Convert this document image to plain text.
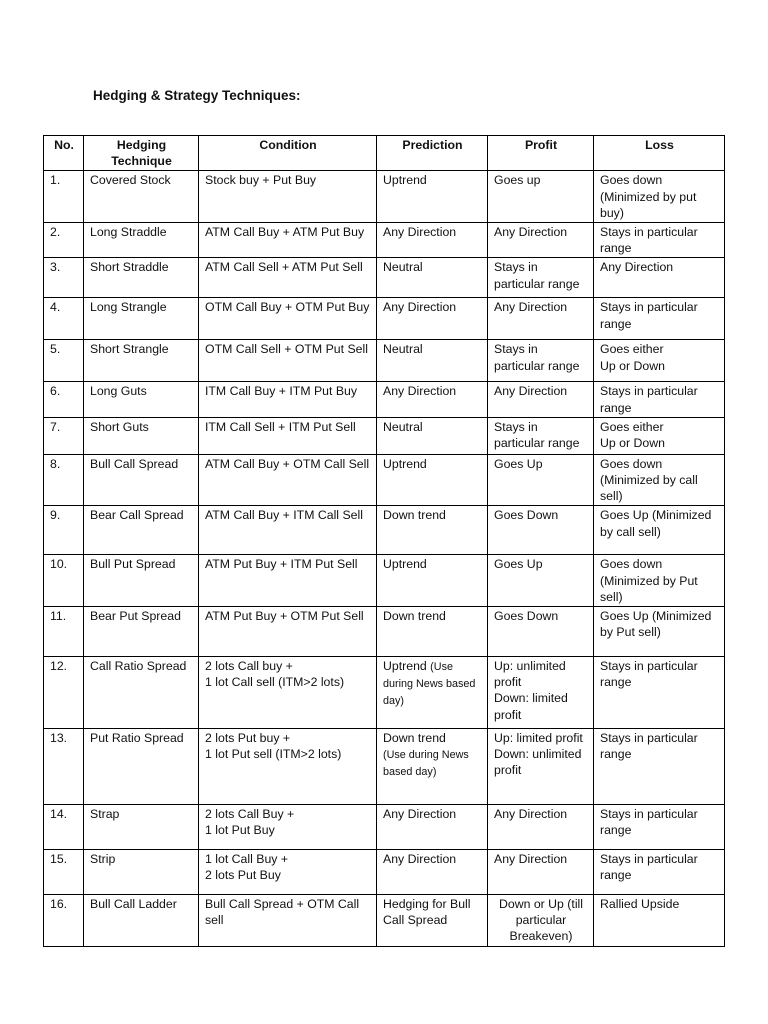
Hedging & Strategy Techniques:
No.	Hedging Technique	Condition	Prediction	Profit	Loss
1.	Covered Stock	Stock buy + Put Buy	Uptrend	Goes up	Goes down (Minimized by put buy)
2.	Long Straddle	ATM Call Buy + ATM Put Buy	Any Direction	Any Direction	Stays in particular range
3.	Short Straddle	ATM Call Sell + ATM Put Sell	Neutral	Stays in particular range	Any Direction
4.	Long Strangle	OTM Call Buy + OTM Put Buy	Any Direction	Any Direction	Stays in particular range
5.	Short Strangle	OTM Call Sell + OTM Put Sell	Neutral	Stays in particular range	Goes either
Up or Down

6.	Long Guts	ITM Call Buy + ITM Put Buy	Any Direction	Any Direction	Stays in particular range
7.	Short Guts	ITM Call Sell + ITM Put Sell	Neutral	Stays in particular range	Goes either
Up or Down

8.	Bull Call Spread	ATM Call Buy + OTM Call Sell	Uptrend	Goes Up	Goes down (Minimized by call sell)
9.	Bear Call Spread	ATM Call Buy + ITM Call Sell	Down trend	Goes Down	Goes Up (Minimized by call sell)
10.	Bull Put Spread	ATM Put Buy + ITM Put Sell	Uptrend	Goes Up	Goes down (Minimized by Put sell)
11.	Bear Put Spread	ATM Put Buy + OTM Put Sell	Down trend	Goes Down	Goes Up (Minimized by Put sell)
12.	Call Ratio Spread	2 lots Call buy +
1 lot Call sell (ITM>2 lots)	Uptrend (Use during News based day)	Up: unlimited profit
Down: limited profit	Stays in particular range
13.	Put Ratio Spread	2 lots Put buy +
1 lot Put sell (ITM>2 lots)	Down trend
(Use during News based day)	Up: limited profit
Down: unlimited profit	Stays in particular range
14.	Strap	2 lots Call Buy +
1 lot Put Buy	Any Direction	Any Direction	Stays in particular range
15.	Strip	1 lot Call Buy +
2 lots Put Buy	Any Direction	Any Direction	Stays in particular range
16.	Bull Call Ladder	Bull Call Spread + OTM Call sell	Hedging for Bull Call Spread	Down or Up (till particular Breakeven)	Rallied Upside
